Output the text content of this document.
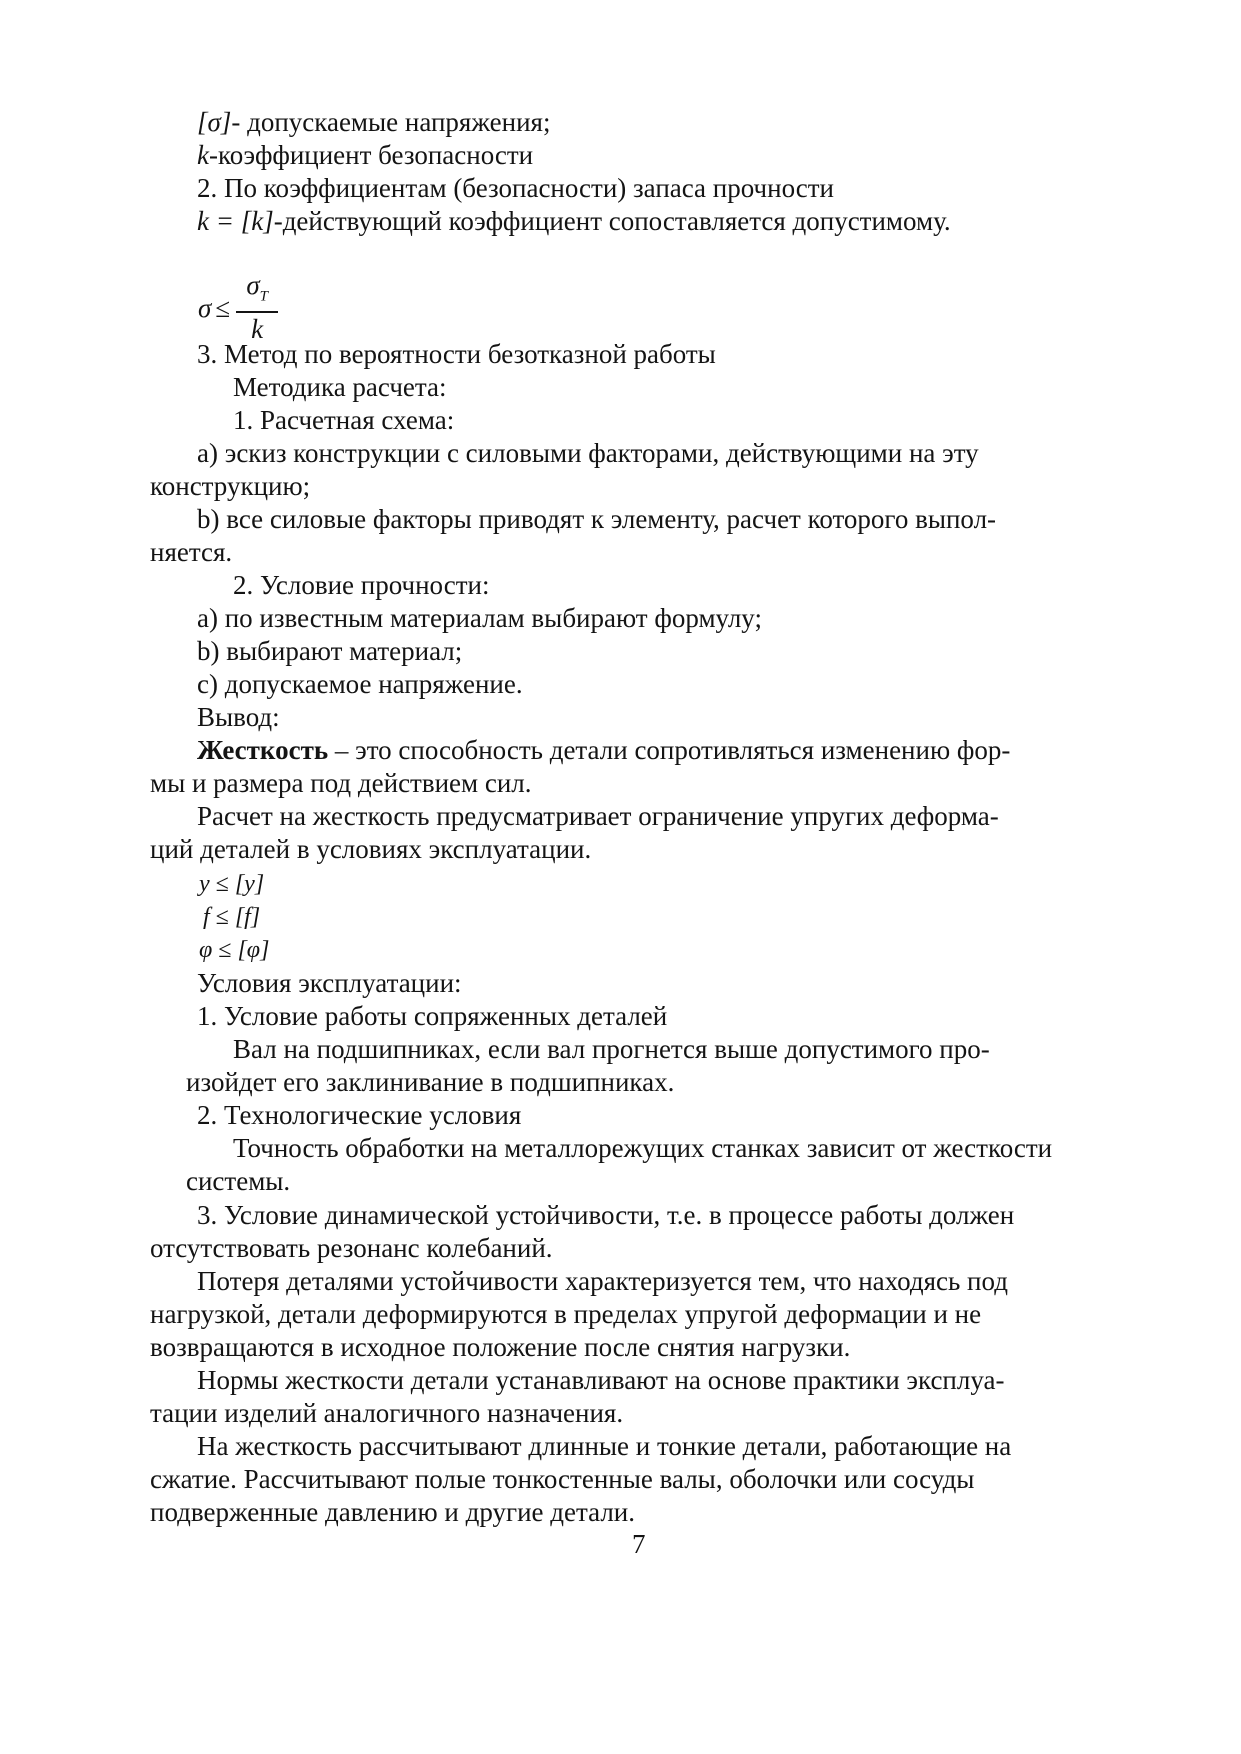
[σ]- допускаемые напряжения;
k-коэффициент безопасности
2. По коэффициентам (безопасности) запаса прочности
k = [k]-действующий коэффициент сопоставляется допустимому.
$\sigma \le \frac{\sigma_T}{k}$
3. Метод по вероятности безотказной работы
Методика расчета:
1. Расчетная схема:
a) эскиз конструкции с силовыми факторами, действующими на эту
конструкцию;
b) все силовые факторы приводят к элементу, расчет которого выпол-
няется.
2. Условие прочности:
a) по известным материалам выбирают формулу;
b) выбирают материал;
c) допускаемое напряжение.
Вывод:
Жесткость – это способность детали сопротивляться изменению фор-
мы и размера под действием сил.
Расчет на жесткость предусматривает ограничение упругих деформа-
ций деталей в условиях эксплуатации.
y ≤ [y]
f ≤ [f]
φ ≤ [φ]
Условия эксплуатации:
1. Условие работы сопряженных деталей
Вал на подшипниках, если вал прогнется выше допустимого про-
изойдет его заклинивание в подшипниках.
2. Технологические условия
Точность обработки на металлорежущих станках зависит от жесткости
системы.
3. Условие динамической устойчивости, т.е. в процессе работы должен
отсутствовать резонанс колебаний.
Потеря деталями устойчивости характеризуется тем, что находясь под
нагрузкой, детали деформируются в пределах упругой деформации и не
возвращаются в исходное положение после снятия нагрузки.
Нормы жесткости детали устанавливают на основе практики эксплуа-
тации изделий аналогичного назначения.
На жесткость рассчитывают длинные и тонкие детали, работающие на
сжатие. Рассчитывают полые тонкостенные валы, оболочки или сосуды
подверженные давлению и другие детали.
7
